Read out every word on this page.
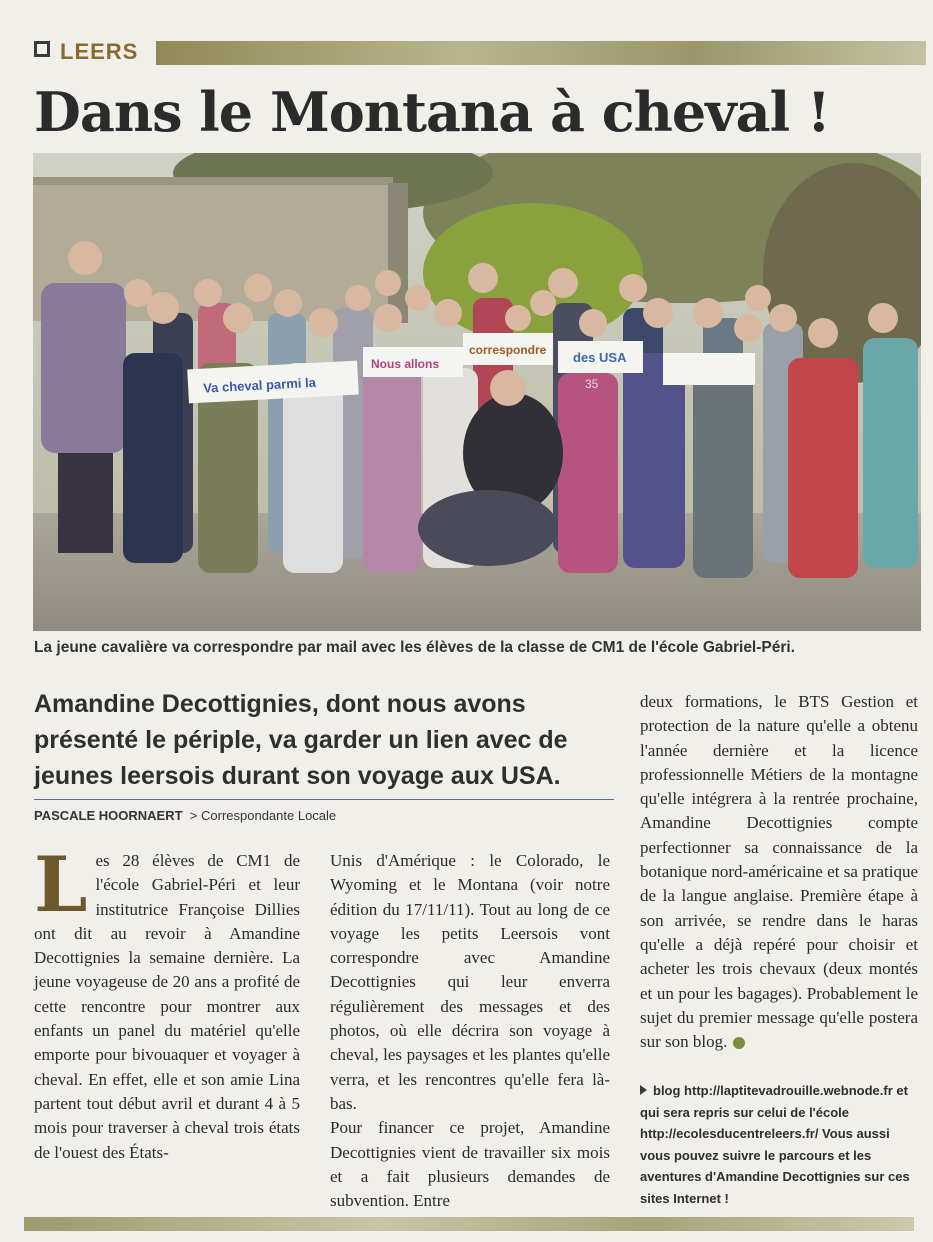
LEERS
Dans le Montana à cheval !
Va cheval parmi la
Nous allons
correspondre des USA
35
La jeune cavalière va correspondre par mail avec les élèves de la classe de CM1 de l'école Gabriel-Péri.
Amandine Decottignies, dont nous avons présenté le périple, va garder un lien avec de jeunes leersois durant son voyage aux USA.
PASCALE HOORNAERT > Correspondante Locale
L es 28 élèves de CM1 de l'école Gabriel-Péri et leur institutrice Françoise Dillies ont dit au revoir à Amandine Decottignies la semaine dernière. La jeune voyageuse de 20 ans a profité de cette rencontre pour montrer aux enfants un panel du matériel qu'elle emporte pour bivouaquer et voyager à cheval. En effet, elle et son amie Lina partent tout début avril et durant 4 à 5 mois pour traverser à cheval trois états de l'ouest des États-

Unis d'Amérique : le Colorado, le Wyoming et le Montana (voir notre édition du 17/11/11). Tout au long de ce voyage les petits Leersois vont correspondre avec Amandine Decottignies qui leur enverra régulièrement des messages et des photos, où elle décrira son voyage à cheval, les paysages et les plantes qu'elle verra, et les rencontres qu'elle fera là-bas.

Pour financer ce projet, Amandine Decottignies vient de travailler six mois et a fait plusieurs demandes de subvention. Entre

deux formations, le BTS Gestion et protection de la nature qu'elle a obtenu l'année dernière et la licence professionnelle Métiers de la montagne qu'elle intégrera à la rentrée prochaine, Amandine Decottignies compte perfectionner sa connaissance de la botanique nord-américaine et sa pratique de la langue anglaise. Première étape à son arrivée, se rendre dans le haras qu'elle a déjà repéré pour choisir et acheter les trois chevaux (deux montés et un pour les bagages). Probablement le sujet du premier message qu'elle postera sur son blog.
blog http://laptitevadrouille.webnode.fr et qui sera repris sur celui de l'école http://ecolesducentreleers.fr/ Vous aussi vous pouvez suivre le parcours et les aventures d'Amandine Decottignies sur ces sites Internet !
